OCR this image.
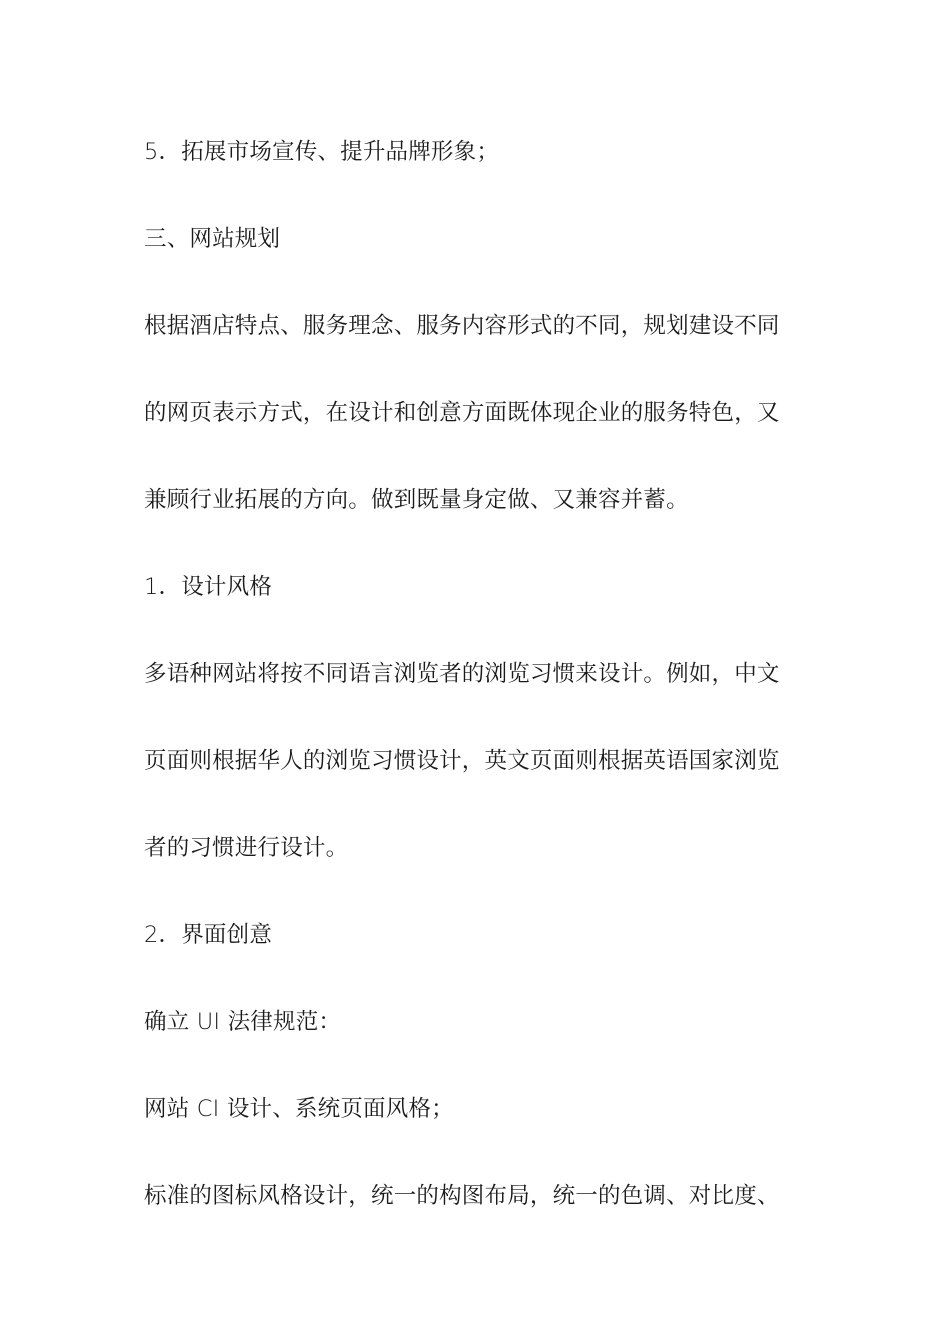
5．拓展市场宣传、提升品牌形象；
三、网站规划
根据酒店特点、服务理念、服务内容形式的不同，规划建设不同
的网页表示方式，在设计和创意方面既体现企业的服务特色，又
兼顾行业拓展的方向。做到既量身定做、又兼容并蓄。
1．设计风格
多语种网站将按不同语言浏览者的浏览习惯来设计。例如，中文
页面则根据华人的浏览习惯设计，英文页面则根据英语国家浏览
者的习惯进行设计。
2．界面创意
确立 UI 法律规范：
网站 CI 设计、系统页面风格；
标准的图标风格设计，统一的构图布局，统一的色调、对比度、
